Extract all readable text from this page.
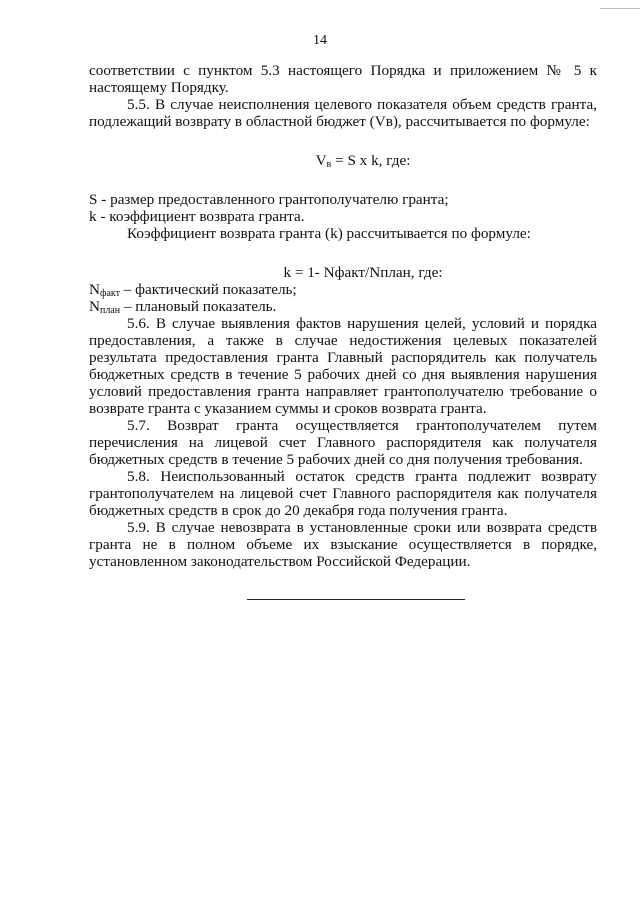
14

соответствии с пунктом 5.3 настоящего Порядка и приложением № 5 к настоящему Порядку.

5.5. В случае неисполнения целевого показателя объем средств гранта, подлежащий возврату в областной бюджет (Vв), рассчитывается по формуле:

$V_в = S$ x k, где:

S - размер предоставленного грантополучателю гранта;

k - коэффициент возврата гранта.

Коэффициент возврата гранта (k) рассчитывается по формуле:

k = 1- Nфакт/Nплан, где:

$N_{факт}$ – фактический показатель;

$N_{план}$ – плановый показатель.

5.6. В случае выявления фактов нарушения целей, условий и порядка предоставления, а также в случае недостижения целевых показателей результата предоставления гранта Главный распорядитель как получатель бюджетных средств в течение 5 рабочих дней со дня выявления нарушения условий предоставления гранта направляет грантополучателю требование о возврате гранта с указанием суммы и сроков возврата гранта.

5.7. Возврат гранта осуществляется грантополучателем путем перечисления на лицевой счет Главного распорядителя как получателя бюджетных средств в течение 5 рабочих дней со дня получения требования.

5.8. Неиспользованный остаток средств гранта подлежит возврату грантополучателем на лицевой счет Главного распорядителя как получателя бюджетных средств в срок до 20 декабря года получения гранта.

5.9. В случае невозврата в установленные сроки или возврата средств гранта не в полном объеме их взыскание осуществляется в порядке, установленном законодательством Российской Федерации.
